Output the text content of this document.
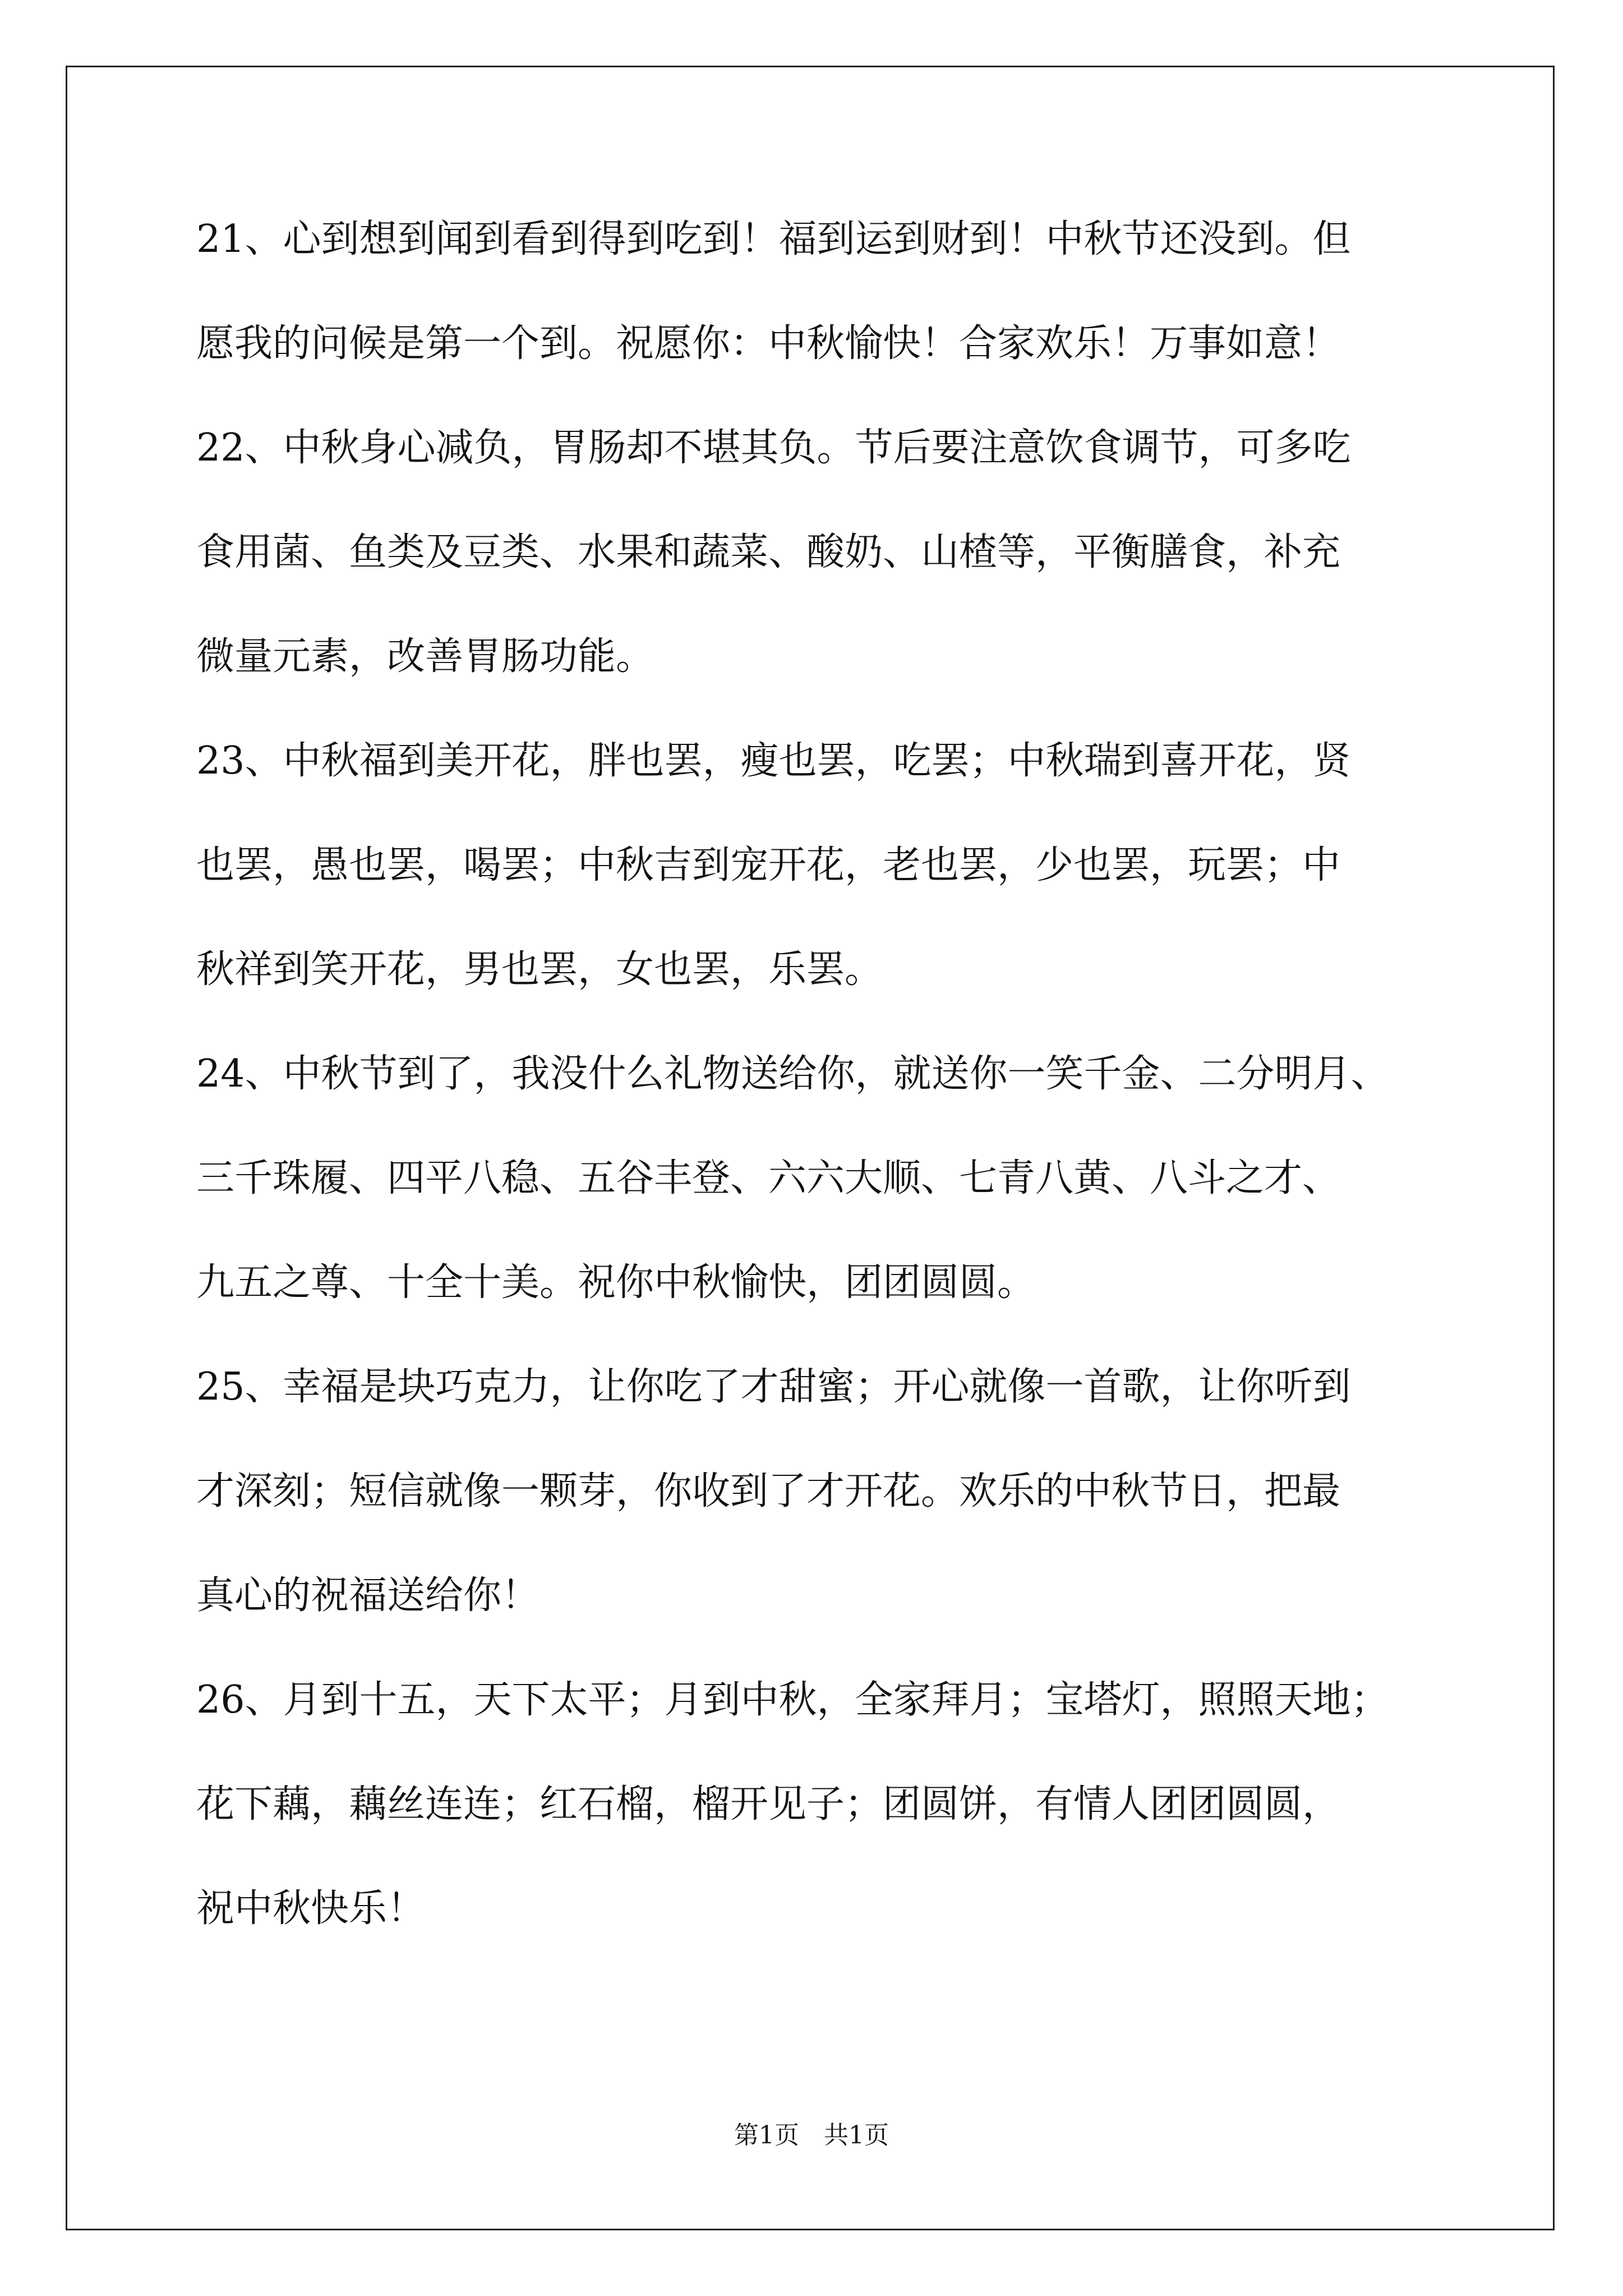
21、心到想到闻到看到得到吃到！福到运到财到！中秋节还没到。但
愿我的问候是第一个到。祝愿你：中秋愉快！合家欢乐！万事如意！
22、中秋身心减负，胃肠却不堪其负。节后要注意饮食调节，可多吃
食用菌、鱼类及豆类、水果和蔬菜、酸奶、山楂等，平衡膳食，补充
微量元素，改善胃肠功能。
23、中秋福到美开花，胖也罢，瘦也罢，吃罢；中秋瑞到喜开花，贤
也罢，愚也罢，喝罢；中秋吉到宠开花，老也罢，少也罢，玩罢；中
秋祥到笑开花，男也罢，女也罢，乐罢。
24、中秋节到了，我没什么礼物送给你，就送你一笑千金、二分明月、
三千珠履、四平八稳、五谷丰登、六六大顺、七青八黄、八斗之才、
九五之尊、十全十美。祝你中秋愉快，团团圆圆。
25、幸福是块巧克力，让你吃了才甜蜜；开心就像一首歌，让你听到
才深刻；短信就像一颗芽，你收到了才开花。欢乐的中秋节日，把最
真心的祝福送给你！
26、月到十五，天下太平；月到中秋，全家拜月；宝塔灯，照照天地；
花下藕，藕丝连连；红石榴，榴开见子；团圆饼，有情人团团圆圆，
祝中秋快乐！
第1页　共1页
